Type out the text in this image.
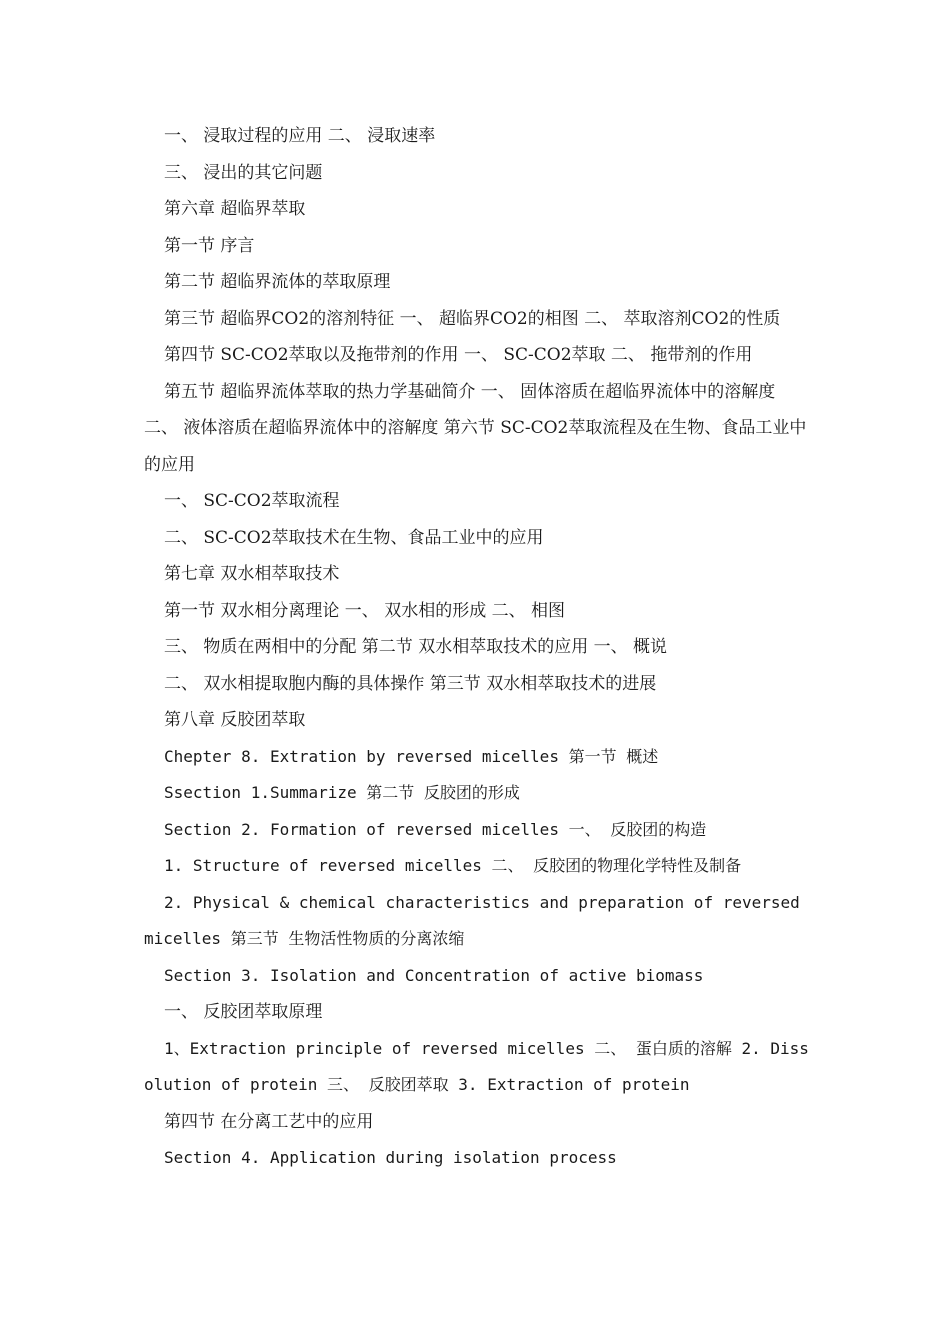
一、 浸取过程的应用 二、 浸取速率

三、 浸出的其它问题

第六章 超临界萃取

第一节 序言

第二节 超临界流体的萃取原理

第三节 超临界CO2的溶剂特征 一、 超临界CO2的相图 二、 萃取溶剂CO2的性质

第四节 SC-CO2萃取以及拖带剂的作用 一、 SC-CO2萃取 二、 拖带剂的作用

第五节 超临界流体萃取的热力学基础简介 一、 固体溶质在超临界流体中的溶解度 二、 液体溶质在超临界流体中的溶解度 第六节 SC-CO2萃取流程及在生物、食品工业中的应用

一、 SC-CO2萃取流程

二、 SC-CO2萃取技术在生物、食品工业中的应用

第七章 双水相萃取技术

第一节 双水相分离理论 一、 双水相的形成 二、 相图

三、 物质在两相中的分配 第二节 双水相萃取技术的应用 一、 概说

二、 双水相提取胞内酶的具体操作 第三节 双水相萃取技术的进展

第八章 反胶团萃取

Chepter 8. Extration by reversed micelles 第一节 概述

Ssection 1.Summarize 第二节 反胶团的形成

Section 2. Formation of reversed micelles 一、 反胶团的构造

1. Structure of reversed micelles 二、 反胶团的物理化学特性及制备

2. Physical & chemical characteristics and preparation of reversed micelles 第三节 生物活性物质的分离浓缩

Section 3. Isolation and Concentration of active biomass

一、 反胶团萃取原理

1、Extraction principle of reversed micelles 二、 蛋白质的溶解 2. Dissolution of protein 三、 反胶团萃取 3. Extraction of protein

第四节 在分离工艺中的应用

Section 4. Application during isolation process
